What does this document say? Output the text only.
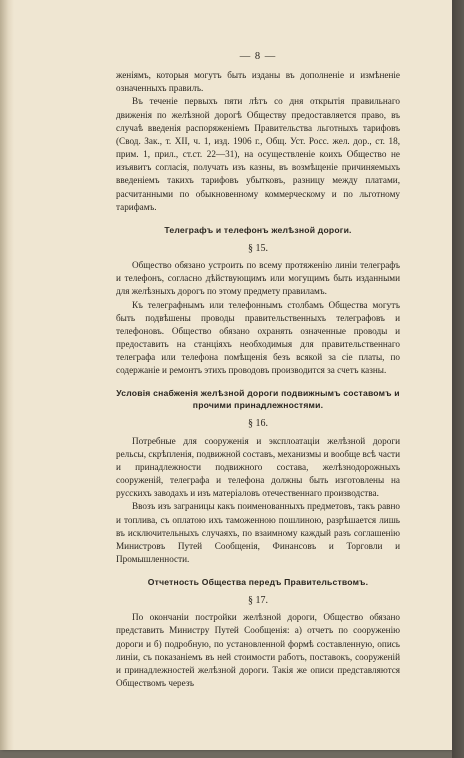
— 8 —

женіямъ, которыя могутъ быть изданы въ дополненіе и измѣненіе означенныхъ правилъ.

Въ теченіе первыхъ пяти лѣтъ со дня открытія правильнаго движенія по желѣзной дорогѣ Обществу предоставляется право, въ случаѣ введенія распоряженіемъ Правительства льготныхъ тарифовъ (Свод. Зак., т. XII, ч. 1, изд. 1906 г., Общ. Уст. Росс. жел. дор., ст. 18, прим. 1, прил., ст.ст. 22—31), на осуществленіе коихъ Общество не изъявитъ согласія, получать изъ казны, въ возмѣщеніе причиняемыхъ введеніемъ такихъ тарифовъ убытковъ, разницу между платами, расчитанными по обыкновенному коммерческому и по льготному тарифамъ.

Телеграфъ и телефонъ желѣзной дороги.
§ 15.

Общество обязано устроить по всему протяженію линіи телеграфъ и телефонъ, согласно дѣйствующимъ или могущимъ быть изданными для желѣзныхъ дорогъ по этому предмету правиламъ.

Къ телеграфнымъ или телефоннымъ столбамъ Общества могутъ быть подвѣшены проводы правительственныхъ телеграфовъ и телефоновъ. Общество обязано охранять означенные проводы и предоставить на станціяхъ необходимыя для правительственнаго телеграфа или телефона помѣщенія безъ всякой за сіе платы, по содержаніе и ремонтъ этихъ проводовъ производится за счетъ казны.

Условія снабженія желѣзной дороги подвижнымъ составомъ и прочими принадлежностями.
§ 16.

Потребные для сооруженія и эксплоатаціи желѣзной дороги рельсы, скрѣпленія, подвижной составъ, механизмы и вообще всѣ части и принадлежности подвижного состава, желѣзнодорожныхъ сооруженій, телеграфа и телефона должны быть изготовлены на русскихъ заводахъ и изъ матеріаловъ отечественнаго производства.

Ввозъ изъ заграницы какъ поименованныхъ предметовъ, такъ равно и топлива, съ оплатою ихъ таможенною пошлиною, разрѣшается лишь въ исключительныхъ случаяхъ, по взаимному каждый разъ соглашенію Министровъ Путей Сообщенія, Финансовъ и Торговли и Промышленности.

Отчетность Общества передъ Правительствомъ.
§ 17.

По окончаніи постройки желѣзной дороги, Общество обязано представить Министру Путей Сообщенія: а) отчетъ по сооруженію дороги и б) подробную, по установленной формѣ составленную, опись линіи, съ показаніемъ въ ней стоимости работъ, поставокъ, сооруженій и принадлежностей желѣзной дороги. Такія же описи представляются Обществомъ черезъ
